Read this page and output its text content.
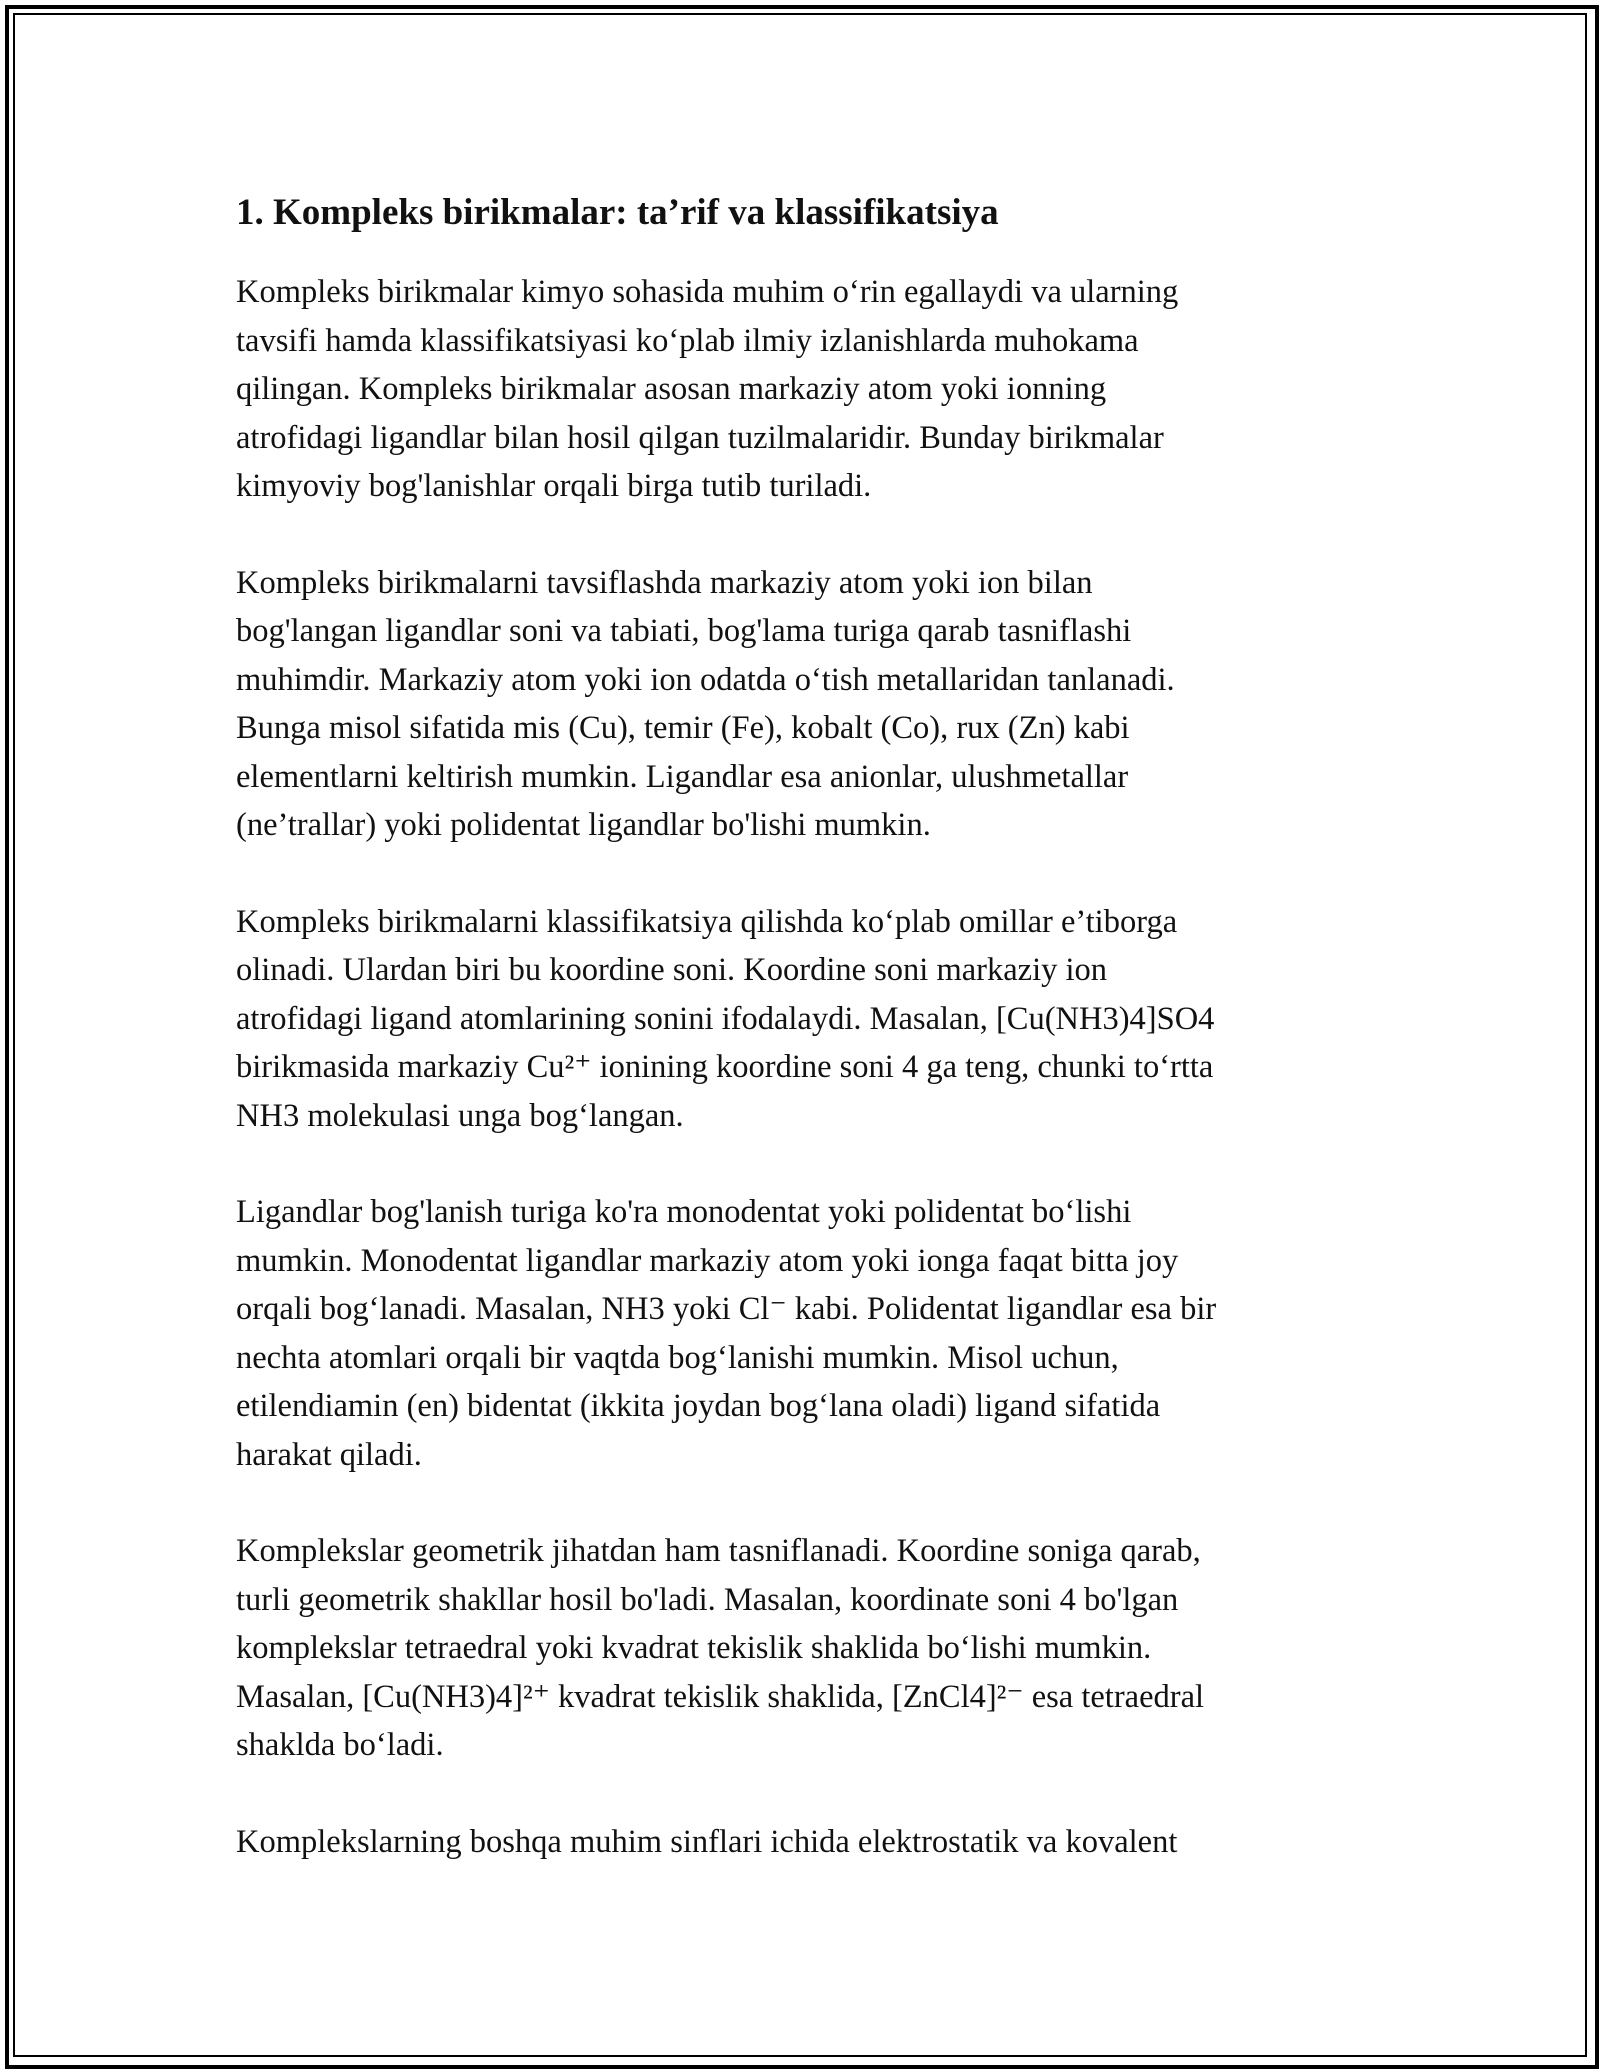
1. Kompleks birikmalar: ta’rif va klassifikatsiya

Kompleks birikmalar kimyo sohasida muhim o‘rin egallaydi va ularning
tavsifi hamda klassifikatsiyasi ko‘plab ilmiy izlanishlarda muhokama
qilingan. Kompleks birikmalar asosan markaziy atom yoki ionning
atrofidagi ligandlar bilan hosil qilgan tuzilmalaridir. Bunday birikmalar
kimyoviy bog'lanishlar orqali birga tutib turiladi.

Kompleks birikmalarni tavsiflashda markaziy atom yoki ion bilan
bog'langan ligandlar soni va tabiati, bog'lama turiga qarab tasniflashi
muhimdir. Markaziy atom yoki ion odatda o‘tish metallaridan tanlanadi.
Bunga misol sifatida mis (Cu), temir (Fe), kobalt (Co), rux (Zn) kabi
elementlarni keltirish mumkin. Ligandlar esa anionlar, ulushmetallar
(ne’trallar) yoki polidentat ligandlar bo'lishi mumkin.

Kompleks birikmalarni klassifikatsiya qilishda ko‘plab omillar e’tiborga
olinadi. Ulardan biri bu koordine soni. Koordine soni markaziy ion
atrofidagi ligand atomlarining sonini ifodalaydi. Masalan, [Cu(NH3)4]SO4
birikmasida markaziy Cu²⁺ ionining koordine soni 4 ga teng, chunki to‘rtta
NH3 molekulasi unga bog‘langan.

Ligandlar bog'lanish turiga ko'ra monodentat yoki polidentat bo‘lishi
mumkin. Monodentat ligandlar markaziy atom yoki ionga faqat bitta joy
orqali bog‘lanadi. Masalan, NH3 yoki Cl⁻ kabi. Polidentat ligandlar esa bir
nechta atomlari orqali bir vaqtda bog‘lanishi mumkin. Misol uchun,
etilendiamin (en) bidentat (ikkita joydan bog‘lana oladi) ligand sifatida
harakat qiladi.

Komplekslar geometrik jihatdan ham tasniflanadi. Koordine soniga qarab,
turli geometrik shakllar hosil bo'ladi. Masalan, koordinate soni 4 bo'lgan
komplekslar tetraedral yoki kvadrat tekislik shaklida bo‘lishi mumkin.
Masalan, [Cu(NH3)4]²⁺ kvadrat tekislik shaklida, [ZnCl4]²⁻ esa tetraedral
shakldа bo‘ladi.

Komplekslarning boshqa muhim sinflari ichida elektrostatik va kovalent
